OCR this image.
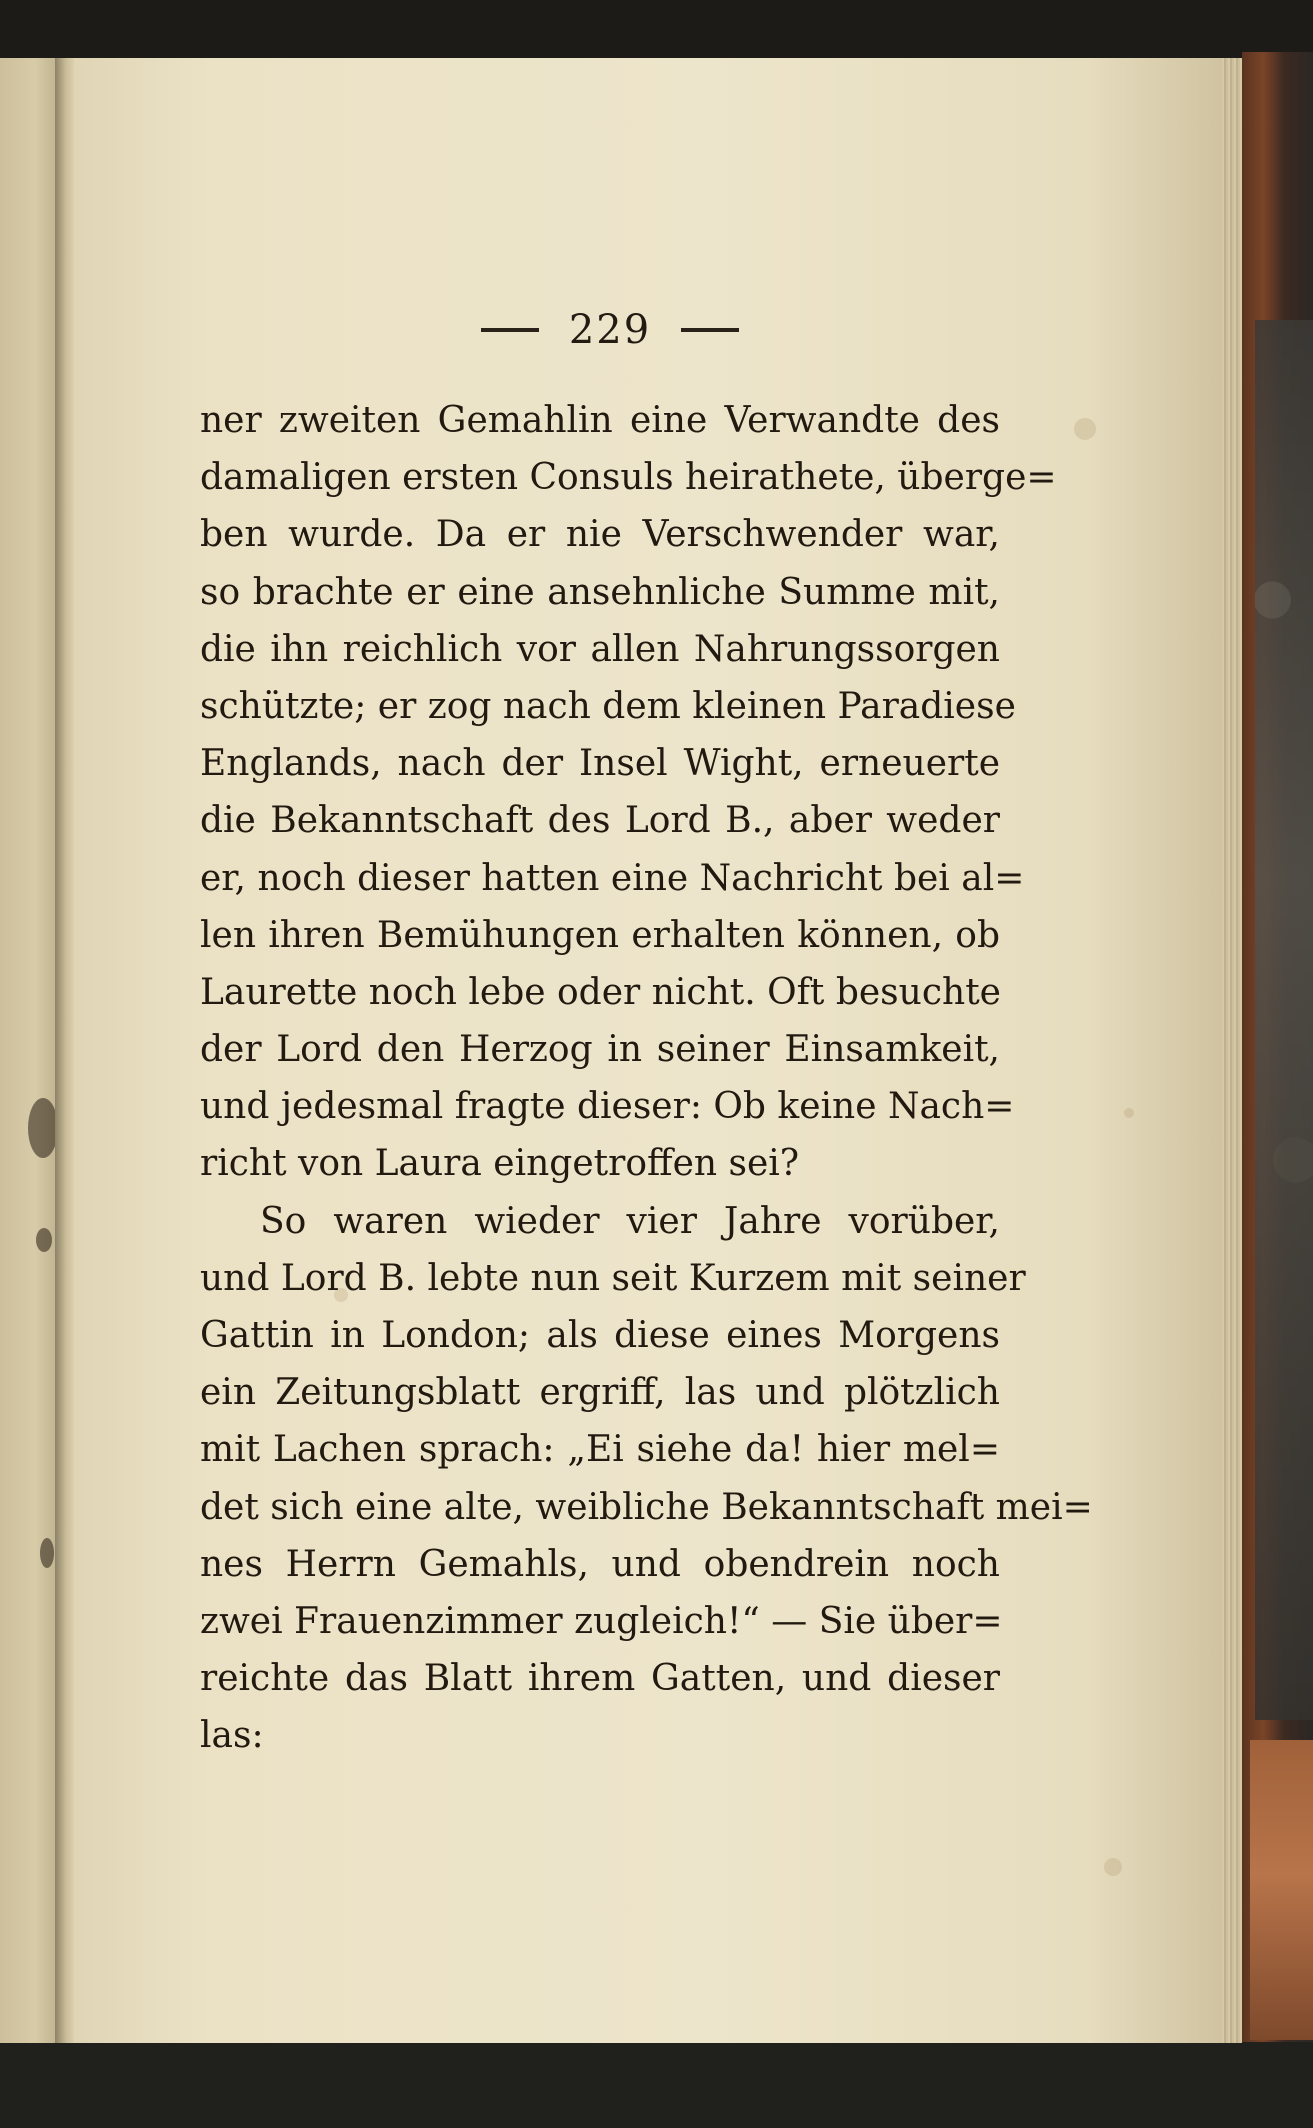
229
ner zweiten Gemahlin eine Verwandte des
damaligen ersten Consuls heirathete, überge=
ben wurde. Da er nie Verschwender war,
so brachte er eine ansehnliche Summe mit,
die ihn reichlich vor allen Nahrungssorgen
schützte; er zog nach dem kleinen Paradiese
Englands, nach der Insel Wight, erneuerte
die Bekanntschaft des Lord B., aber weder
er, noch dieser hatten eine Nachricht bei al=
len ihren Bemühungen erhalten können, ob
Laurette noch lebe oder nicht. Oft besuchte
der Lord den Herzog in seiner Einsamkeit,
und jedesmal fragte dieser: Ob keine Nach=
richt von Laura eingetroffen sei?
So waren wieder vier Jahre vorüber,
und Lord B. lebte nun seit Kurzem mit seiner
Gattin in London; als diese eines Morgens
ein Zeitungsblatt ergriff, las und plötzlich
mit Lachen sprach: „Ei siehe da! hier mel=
det sich eine alte, weibliche Bekanntschaft mei=
nes Herrn Gemahls, und obendrein noch
zwei Frauenzimmer zugleich!“ — Sie über=
reichte das Blatt ihrem Gatten, und dieser
las:
